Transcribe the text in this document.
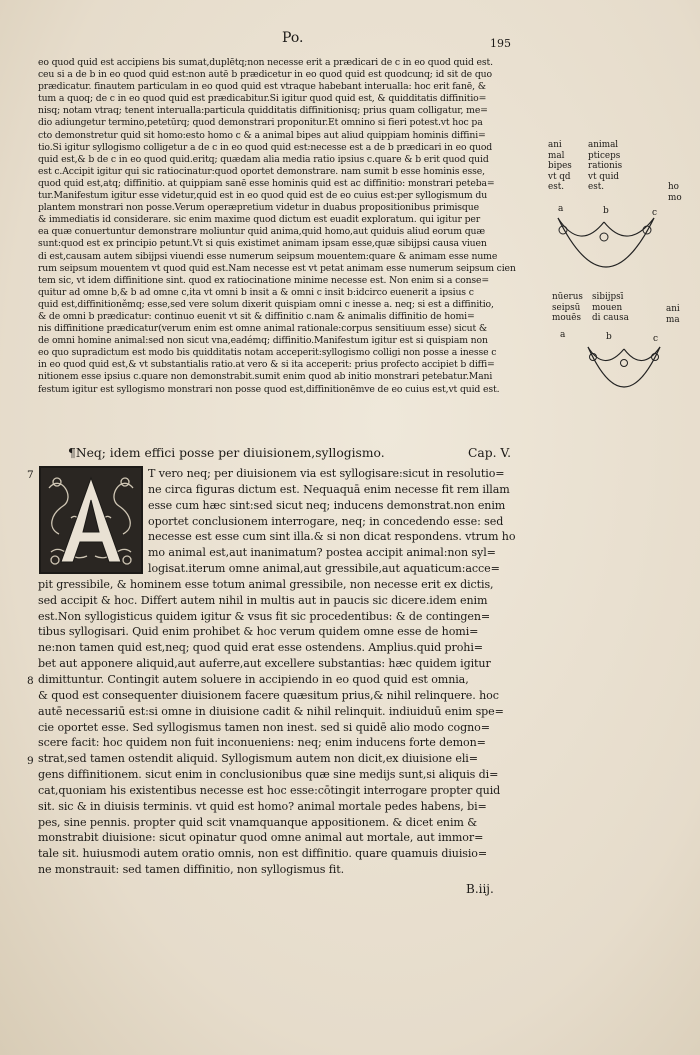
Po.	195
eo quod quid est accipiens bis sumat,duplētq;non necesse erit a prædicari de c in eo quod quid est.
ceu si a de b in eo quod quid est:non autē b prædicetur in eo quod quid est quodcunq; id sit de quo
prædicatur. finautem particulam in eo quod quid est vtraque habebant interualla: hoc erit fanē, &
tum a quoq; de c in eo quod quid est prædicabitur.Si igitur quod quid est, & quidditatis diffinitio=
nisq; notam vtraq; tenent interualla:particula quidditatis diffinitionisq; prius quam colligatur, me=
dio adiungetur termino,petetūrq; quod demonstrari proponitur.Et omnino si fieri potest.vt hoc pa
cto demonstretur quid sit homo:esto homo c & a animal bipes aut aliud quippiam hominis diffini=
tio.Si igitur syllogismo colligetur a de c in eo quod quid est:necesse est a de b prædicari in eo quod
quid est,& b de c in eo quod quid.eritq; quædam alia media ratio ipsius c.quare & b erit quod quid
est c.Accipit igitur qui sic ratiocinatur:quod oportet demonstrare. nam sumit b esse hominis esse,
quod quid est,atq; diffinitio. at quippiam sanē esse hominis quid est ac diffinitio: monstrari peteba=
tur.Manifestum igitur esse videtur,quid est in eo quod quid est de eo cuius est:per syllogismum du
plantem monstrari non posse.Verum operæpretium videtur in duabus propositionibus primisque
& immediatis id considerare. sic enim maxime quod dictum est euadit exploratum. qui igitur per
ea quæ conuertuntur demonstrare moliuntur quid anima,quid homo,aut quiduis aliud eorum quæ
sunt:quod est ex principio petunt.Vt si quis existimet animam ipsam esse,quæ sibijpsi causa viuen
di est,causam autem sibijpsi viuendi esse numerum seipsum mouentem:quare & animam esse nume
rum seipsum mouentem vt quod quid est.Nam necesse est vt petat animam esse numerum seipsum cien
tem sic, vt idem diffinitione sint. quod ex ratiocinatione minime necesse est. Non enim si a conse=
quitur ad omne b,& b ad omne c,ita vt omni b insit a & omni c insit b:idcirco euenerit a ipsius c
quid est,diffinitioněmq; esse,sed vere solum dixerit quispiam omni c inesse a. neq; si est a diffinitio,
& de omni b prædicatur: continuo euenit vt sit & diffinitio c.nam & animalis diffinitio de homi=
nis diffinitione prædicatur(verum enim est omne animal rationale:corpus sensitiuum esse) sicut &
de omni homine animal:sed non sicut vna,eadémq; diffinitio.Manifestum igitur est si quispiam non
eo quo supradictum est modo bis quidditatis notam acceperit:syllogismo colligi non posse a inesse c
in eo quod quid est,& vt substantialis ratio.at vero & si ita acceperit: prius profecto accipiet b diffi=
nitionem esse ipsius c.quare non demonstrabit.sumit enim quod ab initio monstrari petebatur.Mani
festum igitur est syllogismo monstrari non posse quod est,diffinitionēmve de eo cuius est,vt quid est.
ani
mal
bipes
vt qd
est.
animal
pticeps
rationis
vt quid
est.	ho
mo
a	b	c
nūerus
seipsū
mouēs
sibijpsī
mouen
di causa
ani
ma
a	b	c
¶Neq; idem effici posse per diuisionem,syllogismo.	Cap. V.
7
8
9
T vero neq; per diuisionem via est syllogisare:sicut in resolutio=
ne circa figuras dictum est. Nequaquā enim necesse fit rem illam
esse cum hæc sint:sed sicut neq; inducens demonstrat.non enim
oportet conclusionem interrogare, neq; in concedendo esse: sed
necesse est esse cum sint illa.& si non dicat respondens. vtrum ho
mo animal est,aut inanimatum? postea accipit animal:non syl=
logisat.iterum omne animal,aut gressibile,aut aquaticum:acce=
pit gressibile, & hominem esse totum animal gressibile, non necesse erit ex dictis,
sed accipit & hoc. Differt autem nihil in multis aut in paucis sic dicere.idem enim
est.Non syllogisticus quidem igitur & vsus fit sic procedentibus: & de contingen=
tibus syllogisari. Quid enim prohibet & hoc verum quidem omne esse de homi=
ne:non tamen quid est,neq; quod quid erat esse ostendens. Amplius.quid prohi=
bet aut apponere aliquid,aut auferre,aut excellere substantias: hæc quidem igitur
dimittuntur. Contingit autem soluere in accipiendo in eo quod quid est omnia,
& quod est consequenter diuisionem facere quæsitum prius,& nihil relinquere. hoc
autē necessariū est:si omne in diuisione cadit & nihil relinquit. indiuiduū enim spe=
cie oportet esse. Sed syllogismus tamen non inest. sed si quidē alio modo cogno=
scere facit: hoc quidem non fuit inconueniens: neq; enim inducens forte demon=
strat,sed tamen ostendit aliquid. Syllogismum autem non dicit,ex diuisione eli=
gens diffinitionem. sicut enim in conclusionibus quæ sine medijs sunt,si aliquis di=
cat,quoniam his existentibus necesse est hoc esse:cōtingit interrogare propter quid
sit. sic & in diuisis terminis. vt quid est homo? animal mortale pedes habens, bi=
pes, sine pennis. propter quid scit vnamquanque appositionem. & dicet enim &
monstrabit diuisione: sicut opinatur quod omne animal aut mortale, aut immor=
tale sit. huiusmodi autem oratio omnis, non est diffinitio. quare quamuis diuisio=
ne monstrauit: sed tamen diffinitio, non syllogismus fit.
B.iij.
